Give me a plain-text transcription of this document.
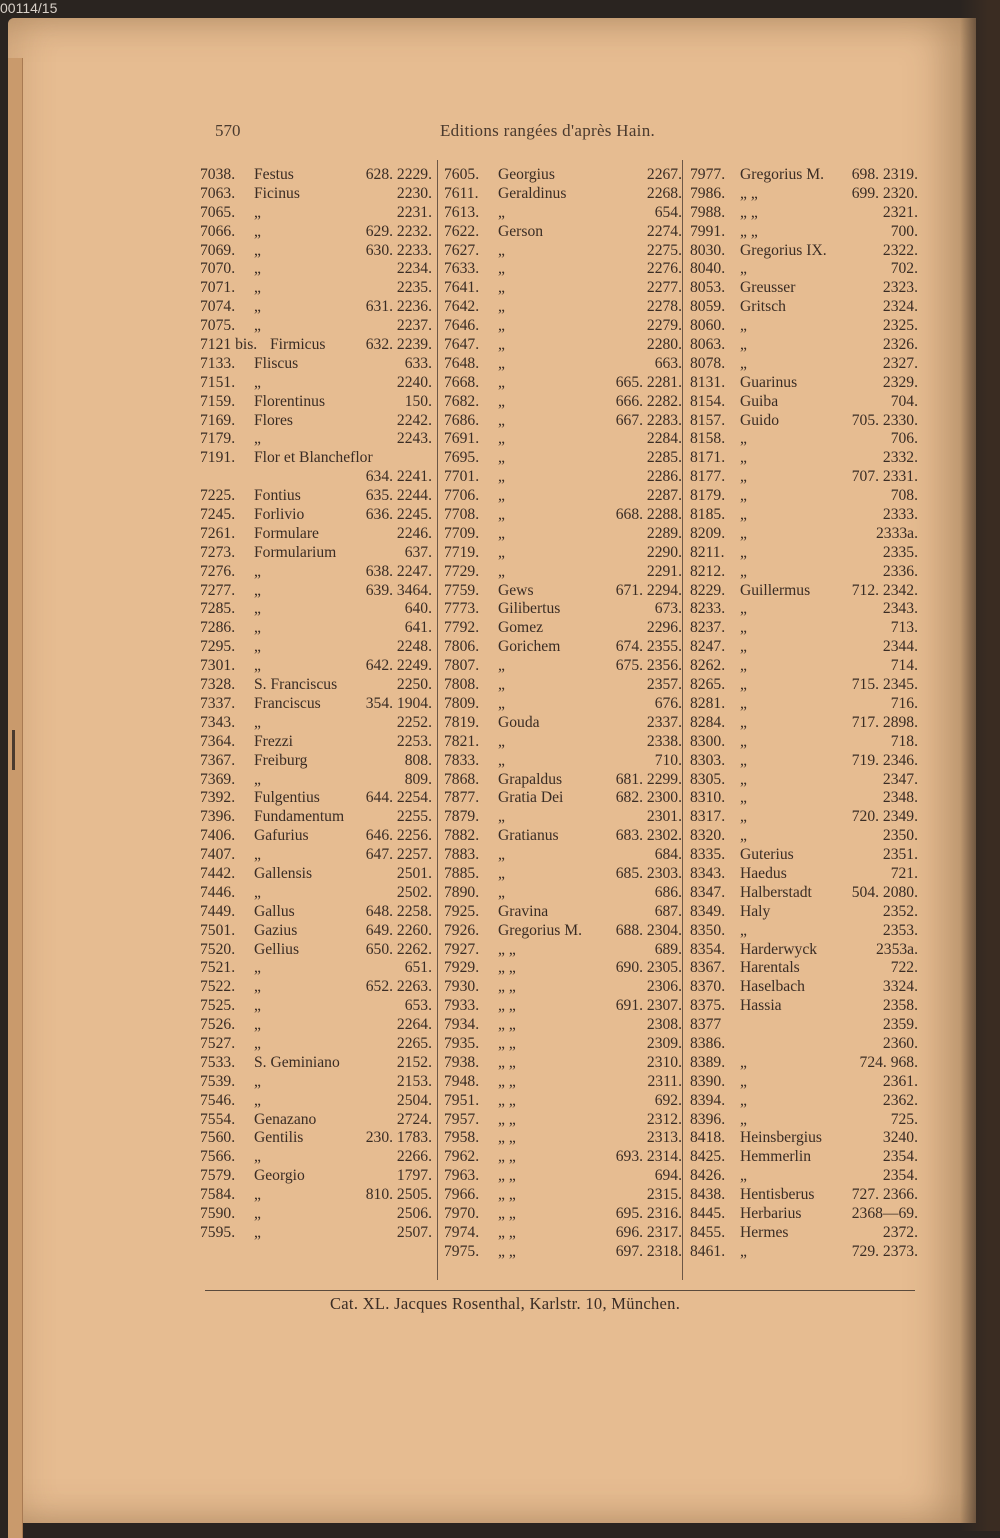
00114/15
570	Editions rangées d'après Hain.
7038. Festus	628. 2229.
7063. Ficinus	2230.
7065. „	2231.
7066. „	629. 2232.
7069. „	630. 2233.
7070. „	2234.
7071. „	2235.
7074. „	631. 2236.
7075. „	2237.
7121 bis. Firmicus	632. 2239.
7133. Fliscus	633.
7151. „	2240.
7159. Florentinus	150.
7169. Flores	2242.
7179. „	2243.
7191. Flor et Blancheflor
634. 2241.
7225. Fontius	635. 2244.
7245. Forlivio	636. 2245.
7261. Formulare	2246.
7273. Formularium	637.
7276. „	638. 2247.
7277. „	639. 3464.
7285. „	640.
7286. „	641.
7295. „	2248.
7301. „	642. 2249.
7328. S. Franciscus	2250.
7337. Franciscus	354. 1904.
7343. „	2252.
7364. Frezzi	2253.
7367. Freiburg	808.
7369. „	809.
7392. Fulgentius	644. 2254.
7396. Fundamentum	2255.
7406. Gafurius	646. 2256.
7407. „	647. 2257.
7442. Gallensis	2501.
7446. „	2502.
7449. Gallus	648. 2258.
7501. Gazius	649. 2260.
7520. Gellius	650. 2262.
7521. „	651.
7522. „	652. 2263.
7525. „	653.
7526. „	2264.
7527. „	2265.
7533. S. Geminiano	2152.
7539. „	2153.
7546. „	2504.
7554. Genazano	2724.
7560. Gentilis	230. 1783.
7566. „	2266.
7579. Georgio	1797.
7584. „	810. 2505.
7590. „	2506.
7595. „	2507.
7605. Georgius	2267.
7611. Geraldinus	2268.
7613. „	654.
7622. Gerson	2274.
7627. „	2275.
7633. „	2276.
7641. „	2277.
7642. „	2278.
7646. „	2279.
7647. „	2280.
7648. „	663.
7668. „	665. 2281.
7682. „	666. 2282.
7686. „	667. 2283.
7691. „	2284.
7695. „	2285.
7701. „	2286.
7706. „	2287.
7708. „	668. 2288.
7709. „	2289.
7719. „	2290.
7729. „	2291.
7759. Gews	671. 2294.
7773. Gilibertus	673.
7792. Gomez	2296.
7806. Gorichem	674. 2355.
7807. „	675. 2356.
7808. „	2357.
7809. „	676.
7819. Gouda	2337.
7821. „	2338.
7833. „	710.
7868. Grapaldus	681. 2299.
7877. Gratia Dei	682. 2300.
7879. „	2301.
7882. Gratianus	683. 2302.
7883. „	684.
7885. „	685. 2303.
7890. „	686.
7925. Gravina	687.
7926. Gregorius M. 688. 2304.
7927. „ „	689.
7929. „ „	690. 2305.
7930. „ „	2306.
7933. „ „	691. 2307.
7934. „ „	2308.
7935. „ „	2309.
7938. „ „	2310.
7948. „ „	2311.
7951. „ „	692.
7957. „ „	2312.
7958. „ „	2313.
7962. „ „	693. 2314.
7963. „ „	694.
7966. „ „	2315.
7970. „ „	695. 2316.
7974. „ „	696. 2317.
7975. „ „	697. 2318.
7977. Gregorius M. 698. 2319.
7986. „ „	699. 2320.
7988. „ „	2321.
7991. „ „	700.
8030. Gregorius IX.	2322.
8040. „	702.
8053. Greusser	2323.
8059. Gritsch	2324.
8060. „	2325.
8063. „	2326.
8078. „	2327.
8131. Guarinus	2329.
8154. Guiba	704.
8157. Guido	705. 2330.
8158. „	706.
8171. „	2332.
8177. „	707. 2331.
8179. „	708.
8185. „	2333.
8209. „	2333a.
8211. „	2335.
8212. „	2336.
8229. Guillermus	712. 2342.
8233. „	2343.
8237. „	713.
8247. „	2344.
8262. „	714.
8265. „	715. 2345.
8281. „	716.
8284. „	717. 2898.
8300. „	718.
8303. „	719. 2346.
8305. „	2347.
8310. „	2348.
8317. „	720. 2349.
8320. „	2350.
8335. Guterius	2351.
8343. Haedus	721.
8347. Halberstadt	504. 2080.
8349. Haly	2352.
8350. „	2353.
8354. Harderwyck	2353a.
8367. Harentals	722.
8370. Haselbach	3324.
8375. Hassia	2358.
8377	2359.
8386.	2360.
8389. „	724. 968.
8390. „	2361.
8394. „	2362.
8396. „	725.
8418. Heinsbergius	3240.
8425. Hemmerlin	2354.
8426. „	2354.
8438. Hentisberus 727. 2366.
8445. Herbarius	2368—69.
8455. Hermes	2372.
8461. „	729. 2373.
Cat. XL. Jacques Rosenthal, Karlstr. 10, München.
